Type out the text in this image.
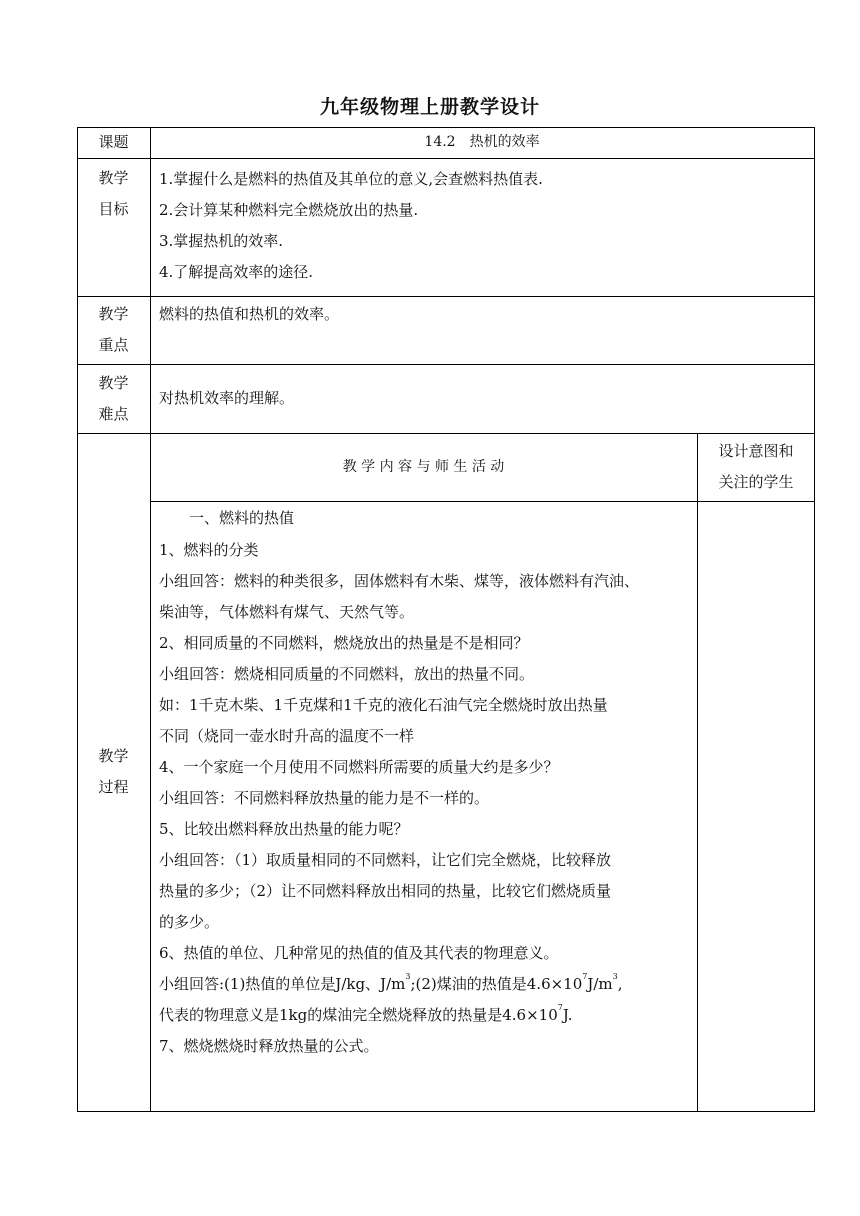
九年级物理上册教学设计
课题	14.2　热机的效率
教学
目标
1.掌握什么是燃料的热值及其单位的意义,会查燃料热值表.
2.会计算某种燃料完全燃烧放出的热量.
3.掌握热机的效率.
4.了解提高效率的途径.
教学
重点
燃料的热值和热机的效率。
教学
难点
对热机效率的理解。
教学
过程
教 学 内 容 与 师 生 活 动
设计意图和
关注的学生
　　一、燃料的热值
1、燃料的分类
小组回答：燃料的种类很多，固体燃料有木柴、煤等，液体燃料有汽油、
柴油等，气体燃料有煤气、天然气等。
2、相同质量的不同燃料，燃烧放出的热量是不是相同？
小组回答：燃烧相同质量的不同燃料，放出的热量不同。
如：1千克木柴、1千克煤和1千克的液化石油气完全燃烧时放出热量
不同（烧同一壶水时升高的温度不一样
4、一个家庭一个月使用不同燃料所需要的质量大约是多少？
小组回答：不同燃料释放热量的能力是不一样的。
5、比较出燃料释放出热量的能力呢？
小组回答：（1）取质量相同的不同燃料，让它们完全燃烧，比较释放
热量的多少；（2）让不同燃料释放出相同的热量，比较它们燃烧质量
的多少。
6、热值的单位、几种常见的热值的值及其代表的物理意义。
小组回答:(1)热值的单位是J/kg、$J/m^3;(2)$煤油的热值是$4.6\times 10^7J/m^3$,
代表的物理意义是1kg的煤油完全燃烧释放的热量是$4.6\times 10^7J$.
7、燃烧燃烧时释放热量的公式。
